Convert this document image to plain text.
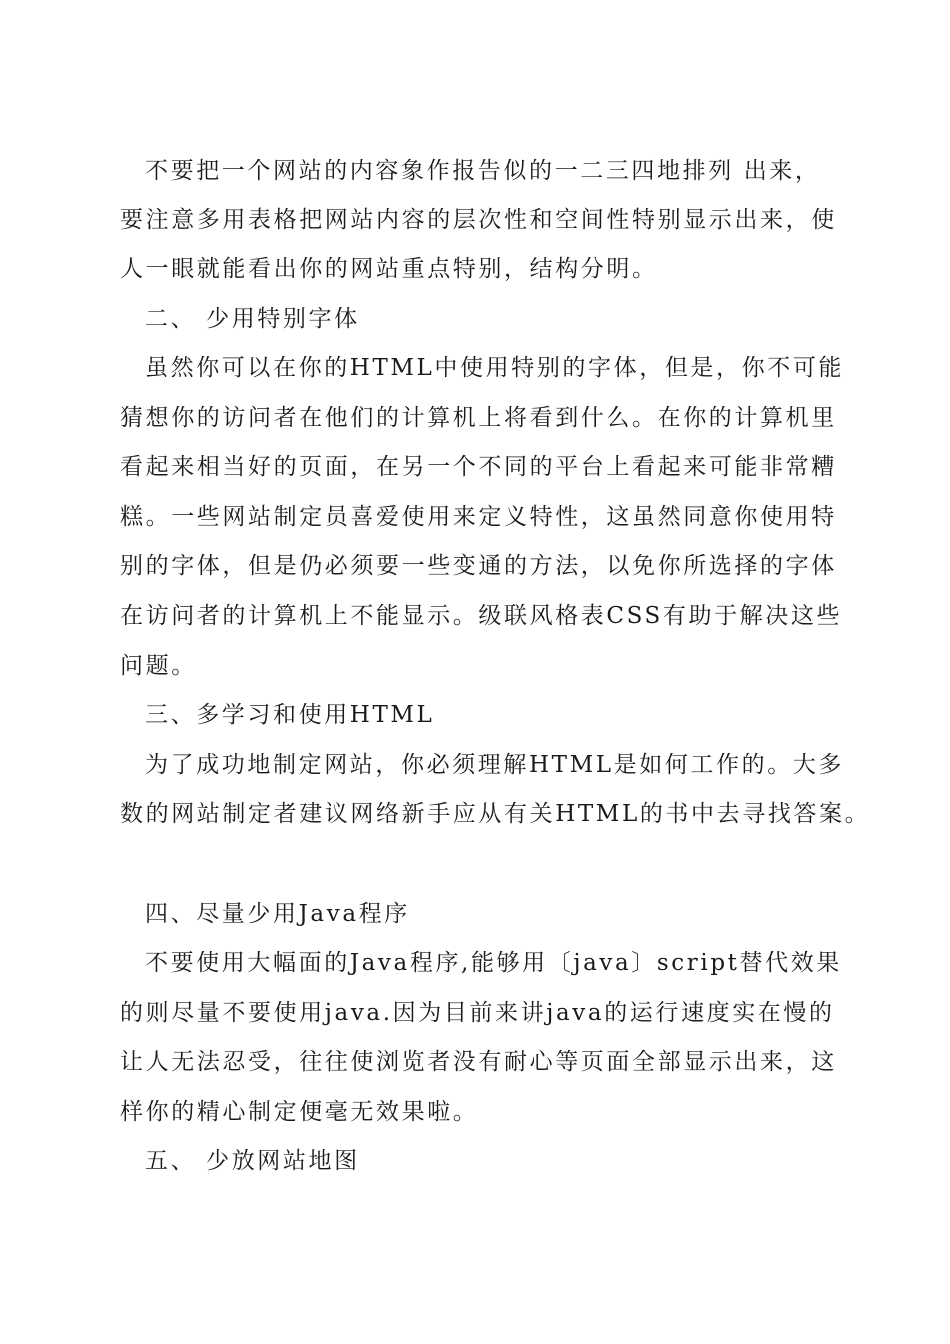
不要把一个网站的内容象作报告似的一二三四地排列 出来，
要注意多用表格把网站内容的层次性和空间性特别显示出来，使
人一眼就能看出你的网站重点特别，结构分明。
二、 少用特别字体
虽然你可以在你的HTML中使用特别的字体，但是，你不可能
猜想你的访问者在他们的计算机上将看到什么。在你的计算机里
看起来相当好的页面，在另一个不同的平台上看起来可能非常糟
糕。一些网站制定员喜爱使用来定义特性，这虽然同意你使用特
别的字体，但是仍必须要一些变通的方法，以免你所选择的字体
在访问者的计算机上不能显示。级联风格表CSS有助于解决这些
问题。
三、多学习和使用HTML
为了成功地制定网站，你必须理解HTML是如何工作的。大多
数的网站制定者建议网络新手应从有关HTML的书中去寻找答案。
四、尽量少用Java程序
不要使用大幅面的Java程序,能够用〔java〕script替代效果
的则尽量不要使用java.因为目前来讲java的运行速度实在慢的
让人无法忍受，往往使浏览者没有耐心等页面全部显示出来，这
样你的精心制定便毫无效果啦。
五、 少放网站地图
